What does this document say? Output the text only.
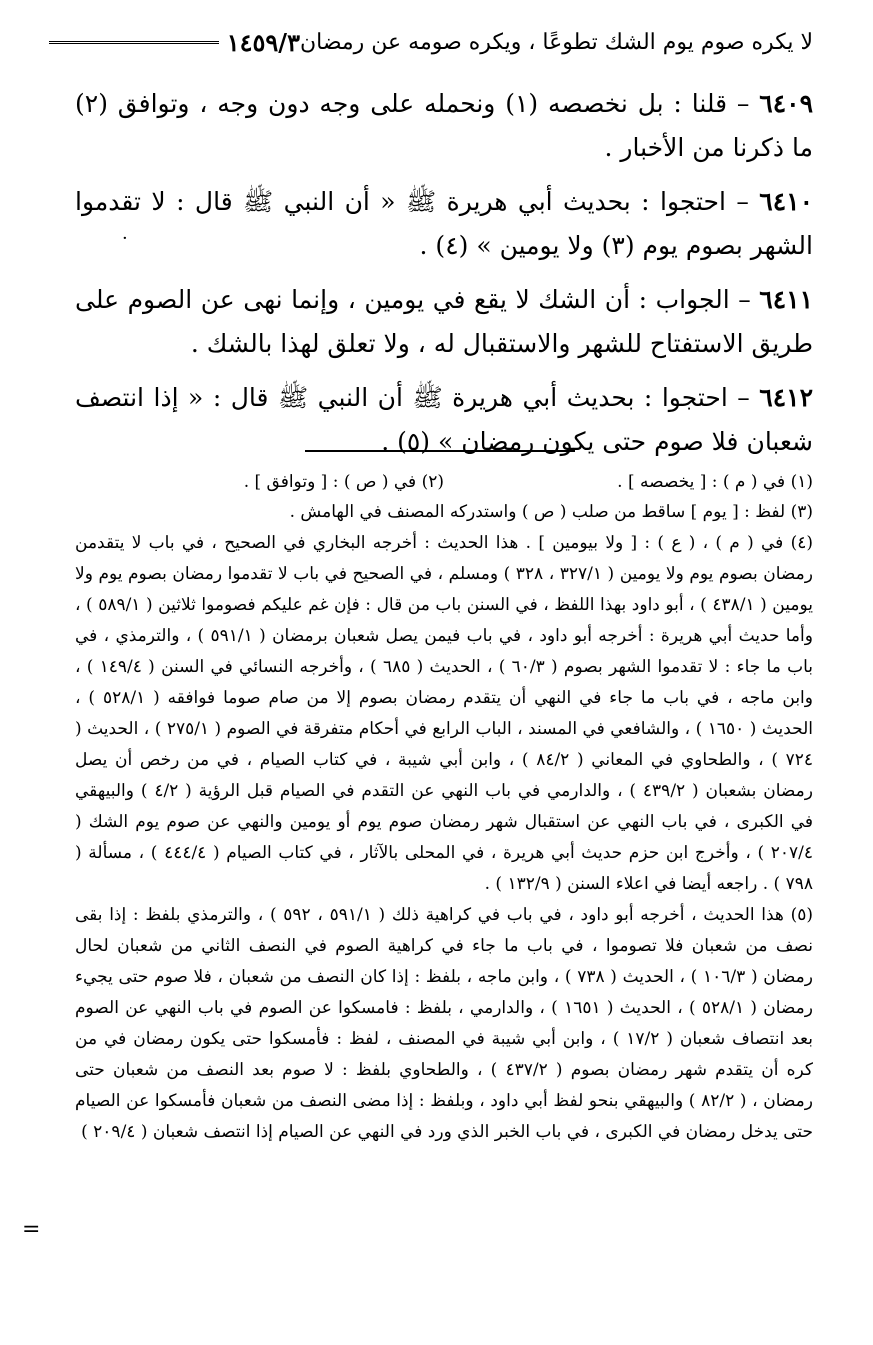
لا يكره صوم يوم الشك تطوعًا ، ويكره صومه عن رمضان
١٤٥٩/٣
·

٦٤٠٩ – قلنا : بل نخصصه (١) ونحمله على وجه دون وجه ، وتوافق (٢) ما ذكرنا من الأخبار .

٦٤١٠ – احتجوا : بحديث أبي هريرة ﷺ « أن النبي ﷺ قال : لا تقدموا الشهر بصوم يوم (٣) ولا يومين » (٤) .

٦٤١١ – الجواب : أن الشك لا يقع في يومين ، وإنما نهى عن الصوم على طريق الاستفتاح للشهر والاستقبال له ، ولا تعلق لهذا بالشك .

٦٤١٢ – احتجوا : بحديث أبي هريرة ﷺ أن النبي ﷺ قال : « إذا انتصف شعبان فلا صوم حتى يكون رمضان » (٥) .

(١) في ( م ) : [ يخصصه ] .
(٢) في ( ص ) : [ وتوافق ] .

(٣) لفظ : [ يوم ] ساقط من صلب ( ص ) واستدركه المصنف في الهامش .

(٤) في ( م ) ، ( ع ) : [ ولا بيومين ] . هذا الحديث : أخرجه البخاري في الصحيح ، في باب لا يتقدمن رمضان بصوم يوم ولا يومين ( ٣٢٧/١ ، ٣٢٨ ) ومسلم ، في الصحيح في باب لا تقدموا رمضان بصوم يوم ولا يومين ( ٤٣٨/١ ) ، أبو داود بهذا اللفظ ، في السنن باب من قال : فإن غم عليكم فصوموا ثلاثين ( ٥٨٩/١ ) ، وأما حديث أبي هريرة : أخرجه أبو داود ، في باب فيمن يصل شعبان برمضان ( ٥٩١/١ ) ، والترمذي ، في باب ما جاء : لا تقدموا الشهر بصوم ( ٦٠/٣ ) ، الحديث ( ٦٨٥ ) ، وأخرجه النسائي في السنن ( ١٤٩/٤ ) ، وابن ماجه ، في باب ما جاء في النهي أن يتقدم رمضان بصوم إلا من صام صوما فوافقه ( ٥٢٨/١ ) ، الحديث ( ١٦٥٠ ) ، والشافعي في المسند ، الباب الرابع في أحكام متفرقة في الصوم ( ٢٧٥/١ ) ، الحديث ( ٧٢٤ ) ، والطحاوي في المعاني ( ٨٤/٢ ) ، وابن أبي شيبة ، في كتاب الصيام ، في من رخص أن يصل رمضان بشعبان ( ٤٣٩/٢ ) ، والدارمي في باب النهي عن التقدم في الصيام قبل الرؤية ( ٤/٢ ) والبيهقي في الكبرى ، في باب النهي عن استقبال شهر رمضان صوم يوم أو يومين والنهي عن صوم يوم الشك ( ٢٠٧/٤ ) ، وأخرج ابن حزم حديث أبي هريرة ، في المحلى بالآثار ، في كتاب الصيام ( ٤٤٤/٤ ) ، مسألة ( ٧٩٨ ) . راجعه أيضا في اعلاء السنن ( ١٣٢/٩ ) .

(٥) هذا الحديث ، أخرجه أبو داود ، في باب في كراهية ذلك ( ٥٩١/١ ، ٥٩٢ ) ، والترمذي بلفظ : إذا بقى نصف من شعبان فلا تصوموا ، في باب ما جاء في كراهية الصوم في النصف الثاني من شعبان لحال رمضان ( ١٠٦/٣ ) ، الحديث ( ٧٣٨ ) ، وابن ماجه ، بلفظ : إذا كان النصف من شعبان ، فلا صوم حتى يجيء رمضان ( ٥٢٨/١ ) ، الحديث ( ١٦٥١ ) ، والدارمي ، بلفظ : فامسكوا عن الصوم في باب النهي عن الصوم بعد انتصاف شعبان ( ١٧/٢ ) ، وابن أبي شيبة في المصنف ، لفظ : فأمسكوا حتى يكون رمضان في من كره أن يتقدم شهر رمضان بصوم ( ٤٣٧/٢ ) ، والطحاوي بلفظ : لا صوم بعد النصف من شعبان حتى رمضان ، ( ٨٢/٢ ) والبيهقي بنحو لفظ أبي داود ، وبلفظ : إذا مضى النصف من شعبان فأمسكوا عن الصيام حتى يدخل رمضان في الكبرى ، في باب الخبر الذي ورد في النهي عن الصيام إذا انتصف شعبان ( ٢٠٩/٤ )

=
